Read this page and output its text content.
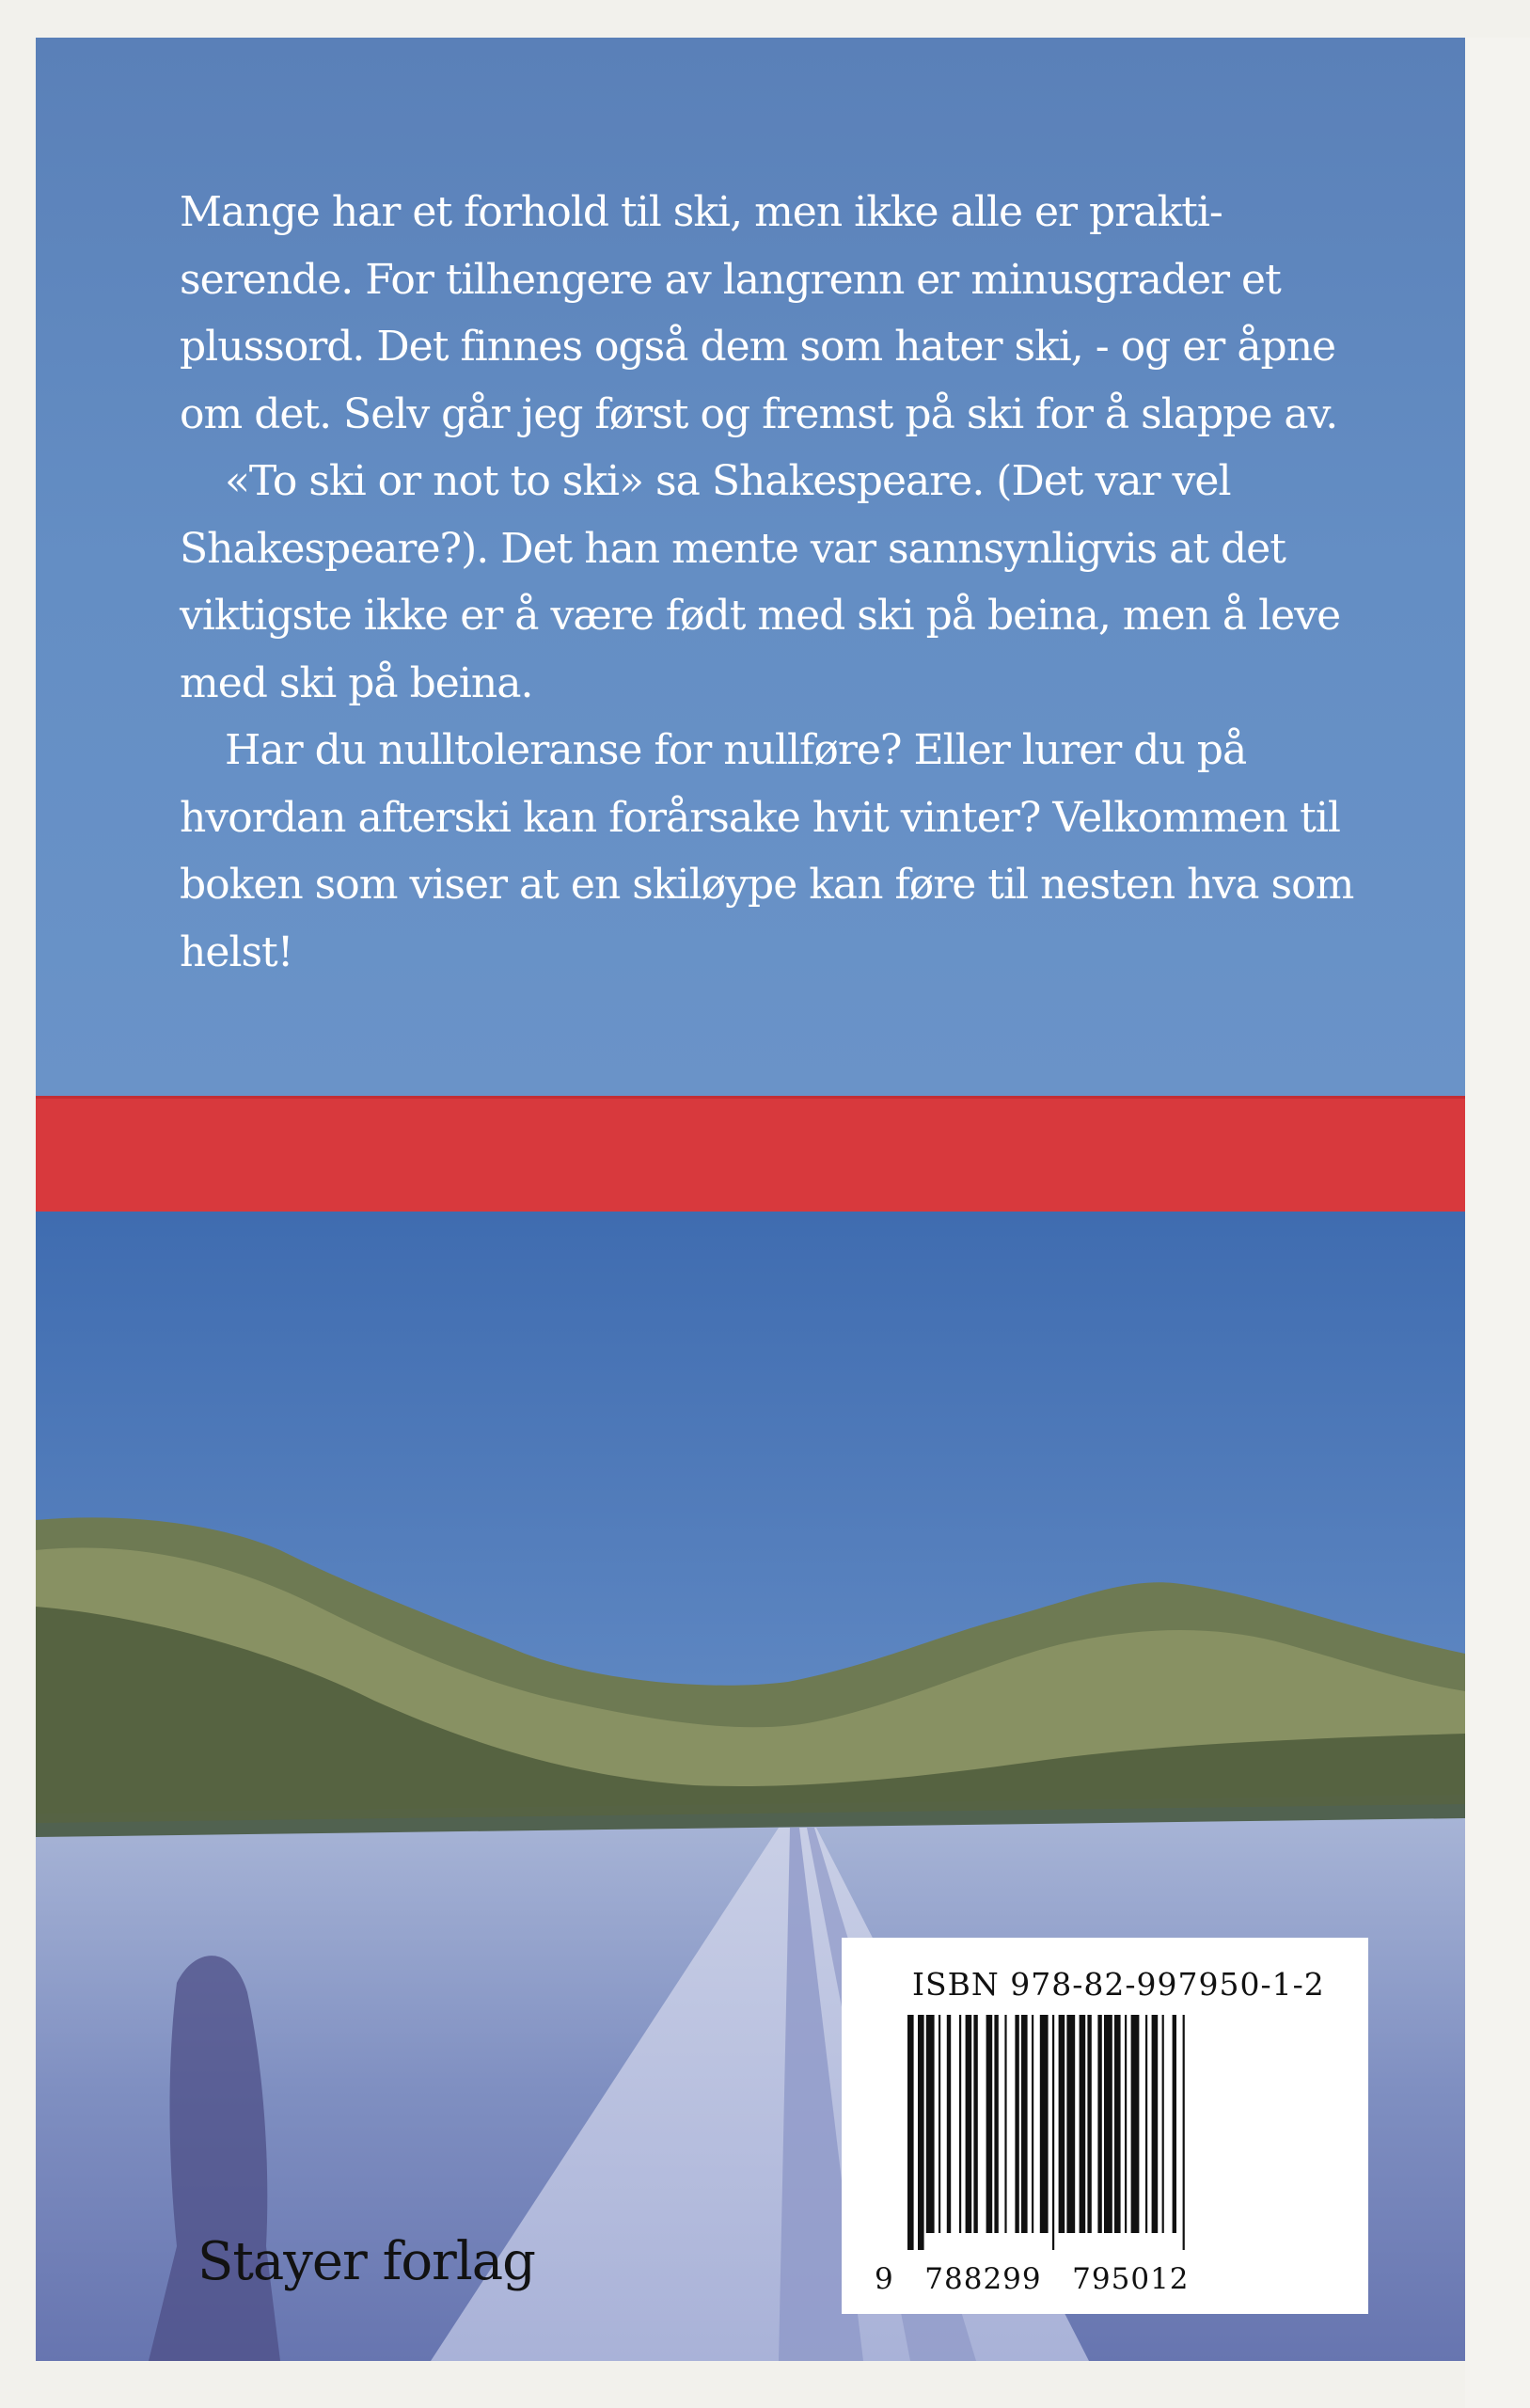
Mange har et forhold til ski, men ikke alle er prakti- serende. For tilhengere av langrenn er minusgrader et plussord. Det finnes også dem som hater ski, - og er åpne om det. Selv går jeg først og fremst på ski for å slappe av.

«To ski or not to ski» sa Shakespeare. (Det var vel Shakespeare?). Det han mente var sannsynligvis at det viktigste ikke er å være født med ski på beina, men å leve med ski på beina.

Har du nulltoleranse for nullføre? Eller lurer du på hvordan afterski kan forårsake hvit vinter? Velkommen til boken som viser at en skiløype kan føre til nesten hva som helst!

Stayer forlag
ISBN 978-82-997950-1-2
9   788299   795012
